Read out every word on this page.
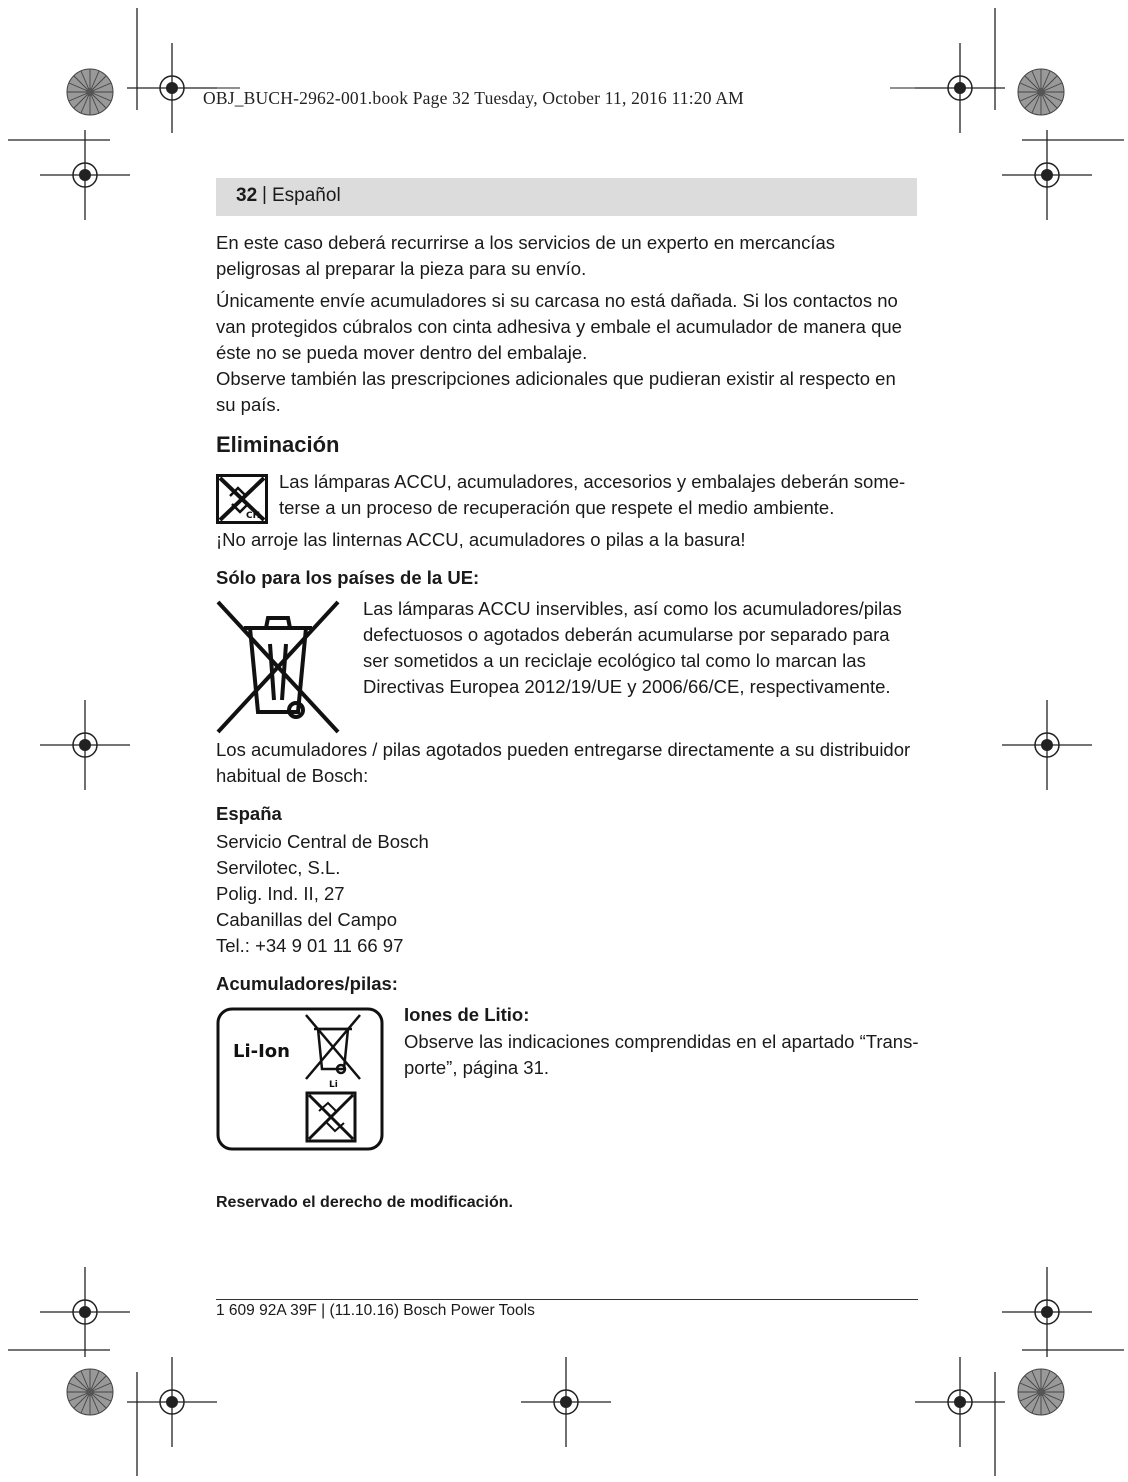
OBJ_BUCH-2962-001.book Page 32 Tuesday, October 11, 2016 11:20 AM
32 | Español

En este caso deberá recurrirse a los servicios de un experto en mercancías peligrosas al preparar la pieza para su envío.

Únicamente envíe acumuladores si su carcasa no está dañada. Si los contactos no van protegidos cúbralos con cinta adhesiva y embale el acumulador de manera que éste no se pueda mover dentro del embalaje.

Observe también las prescripciones adicionales que pudieran existir al respecto en su país.

Eliminación
CH
Las lámparas ACCU, acumuladores, accesorios y embalajes deberán some-terse a un proceso de recuperación que respete el medio ambiente.
¡No arroje las linternas ACCU, acumuladores o pilas a la basura!
Sólo para los países de la UE:
Las lámparas ACCU inservibles, así como los acumuladores/pilas defectuosos o agotados deberán acumularse por separado para ser sometidos a un reciclaje ecológico tal como lo marcan las Directivas Europea 2012/19/UE y 2006/66/CE, respectivamente.
Los acumuladores / pilas agotados pueden entregarse directamente a su distribuidor habitual de Bosch:
España
Servicio Central de Bosch
Servilotec, S.L.
Polig. Ind. II, 27
Cabanillas del Campo
Tel.: +34 9 01 11 66 97
Acumuladores/pilas:
Li-Ion
Li
Iones de Litio:
Observe las indicaciones comprendidas en el apartado “Trans-porte”, página 31.
Reservado el derecho de modificación.
1 609 92A 39F | (11.10.16) Bosch Power Tools
